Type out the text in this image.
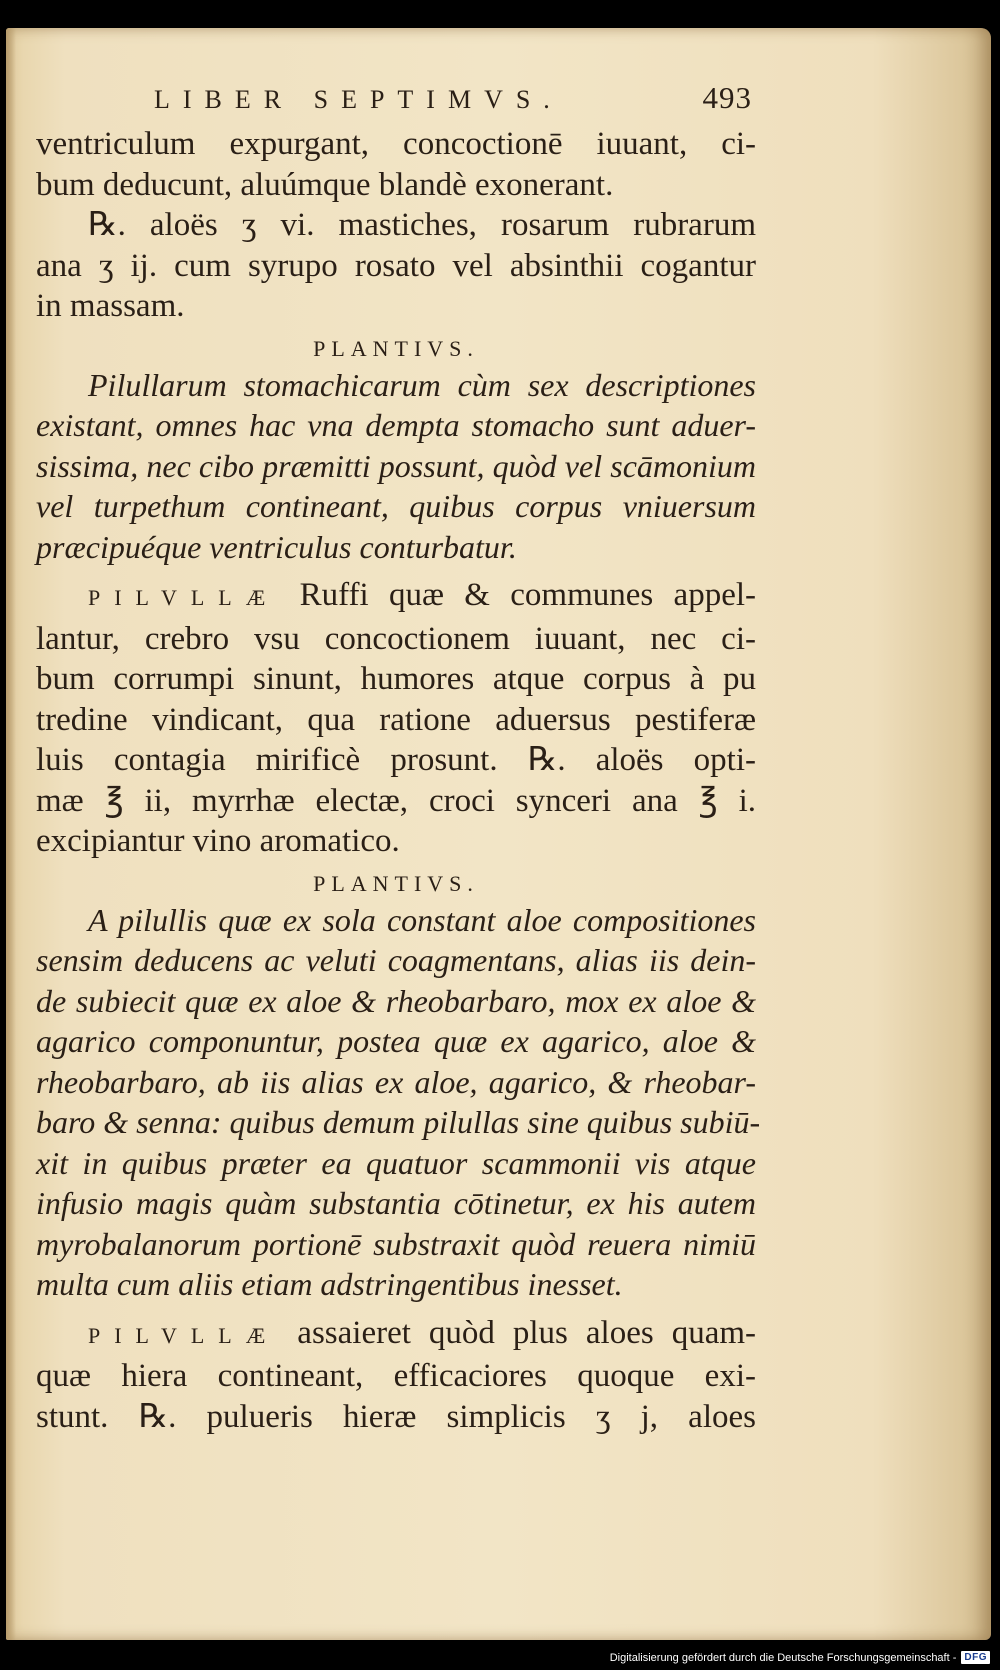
LIBER SEPTIMVS.	493

ventriculum expurgant, concoctionē iuuant, ci-
bum deducunt, aluúmque blandè exonerant.

℞. aloës ʒ vi. mastiches, rosarum rubrarum
ana ʒ ij. cum syrupo rosato vel absinthii cogantur
in massam.

PLANTIVS.

Pilullarum stomachicarum cùm sex descriptiones
existant, omnes hac vna dempta stomacho sunt aduer-
sissima, nec cibo præmitti possunt, quòd vel scāmonium
vel turpethum contineant, quibus corpus vniuersum
præcipuéque ventriculus conturbatur.

PILVLLÆ Ruffi quæ & communes appel-
lantur, crebro vsu concoctionem iuuant, nec ci-
bum corrumpi sinunt, humores atque corpus à pu
tredine vindicant, qua ratione aduersus pestiferæ
luis contagia mirificè prosunt. ℞. aloës opti-
mæ ℥ ii, myrrhæ electæ, croci synceri ana ℥ i.
excipiantur vino aromatico.

PLANTIVS.

A pilullis quæ ex sola constant aloe compositiones
sensim deducens ac veluti coagmentans, alias iis dein-
de subiecit quæ ex aloe & rheobarbaro, mox ex aloe &
agarico componuntur, postea quæ ex agarico, aloe &
rheobarbaro, ab iis alias ex aloe, agarico, & rheobar-
baro & senna: quibus demum pilullas sine quibus subiū-
xit in quibus præter ea quatuor scammonii vis atque
infusio magis quàm substantia cōtinetur, ex his autem
myrobalanorum portionē substraxit quòd reuera nimiū
multa cum aliis etiam adstringentibus inesset.

PILVLLÆ assaieret quòd plus aloes quam-
quæ hiera contineant, efficaciores quoque exi-
stunt. ℞. pulueris hieræ simplicis ʒ j, aloes

Digitalisierung gefördert durch die Deutsche Forschungsgemeinschaft - DFG
